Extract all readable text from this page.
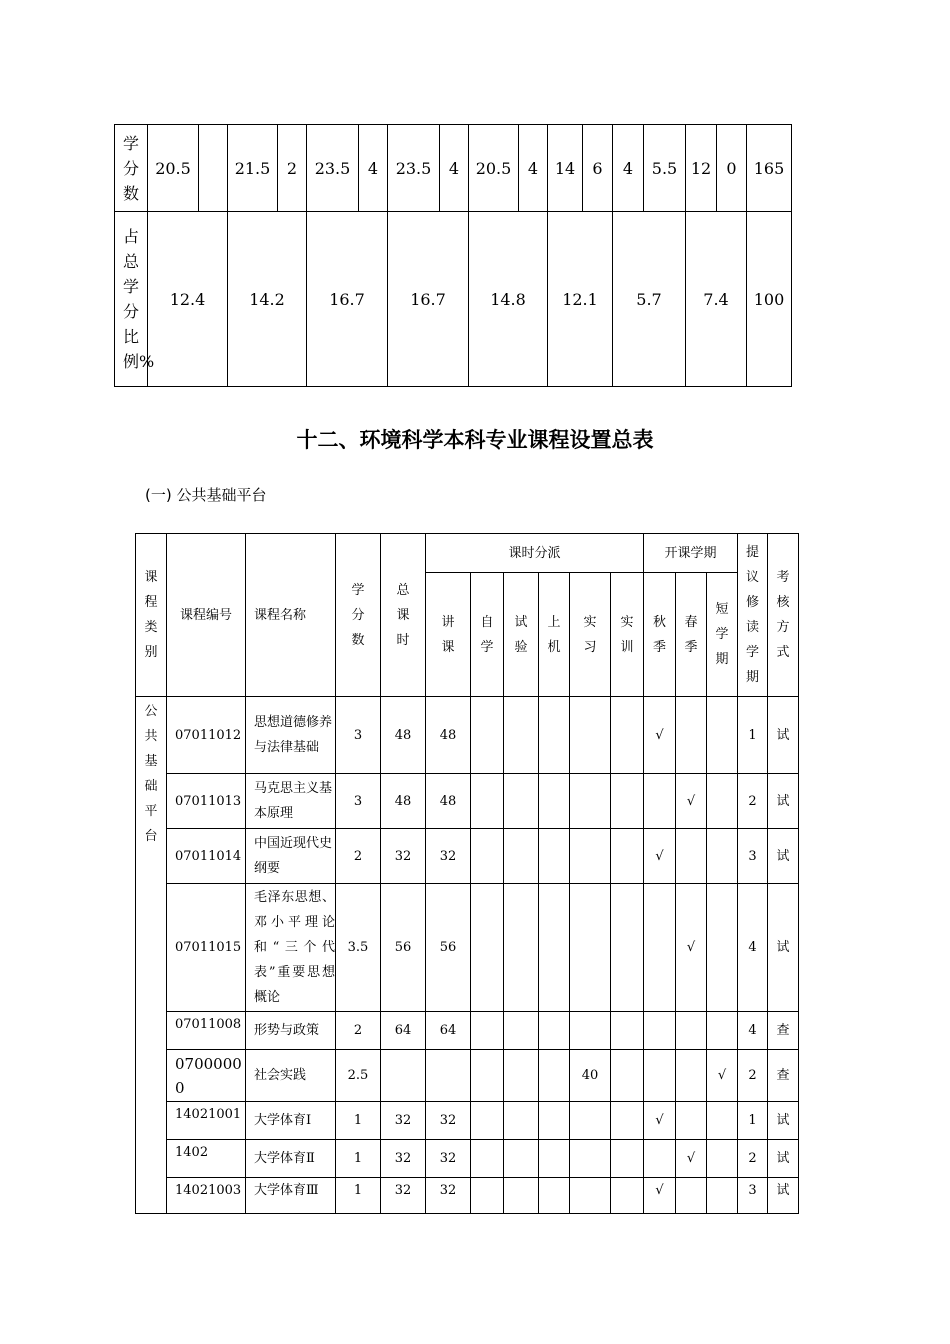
学分数	20.5		21.5	2	23.5	4	23.5	4	20.5	4	14	6	4	5.5	12	0	165
占总学分比例%	12.4		14.2		16.7		16.7		14.8		12.1		5.7		7.4		100
十二、环境科学本科专业课程设置总表
(一) 公共基础平台
课程类别	课程编号	课程名称	学分数	总课时	课时分派						开课学期			提议修读学期	考核方式
					讲课	自学	试验	上机	实习	实训	秋季	春季	短学期		
公共基础平台	07011012	思想道德修养与法律基础	3	48	48						√			1	试
	07011013	马克思主义基本原理	3	48	48							√		2	试
	07011014	中国近现代史纲要	2	32	32						√			3	试
	07011015	毛泽东思想、邓小平理论和“三个代表”重要思想概论	3.5	56	56							√		4	试
	07011008	形势与政策	2	64	64									4	查
	07000000	社会实践	2.5						40				√	2	查
	14021001	大学体育Ⅰ	1	32	32						√			1	试
	1402	大学体育Ⅱ	1	32	32							√		2	试
	14021003	大学体育Ⅲ	1	32	32						√			3	试
